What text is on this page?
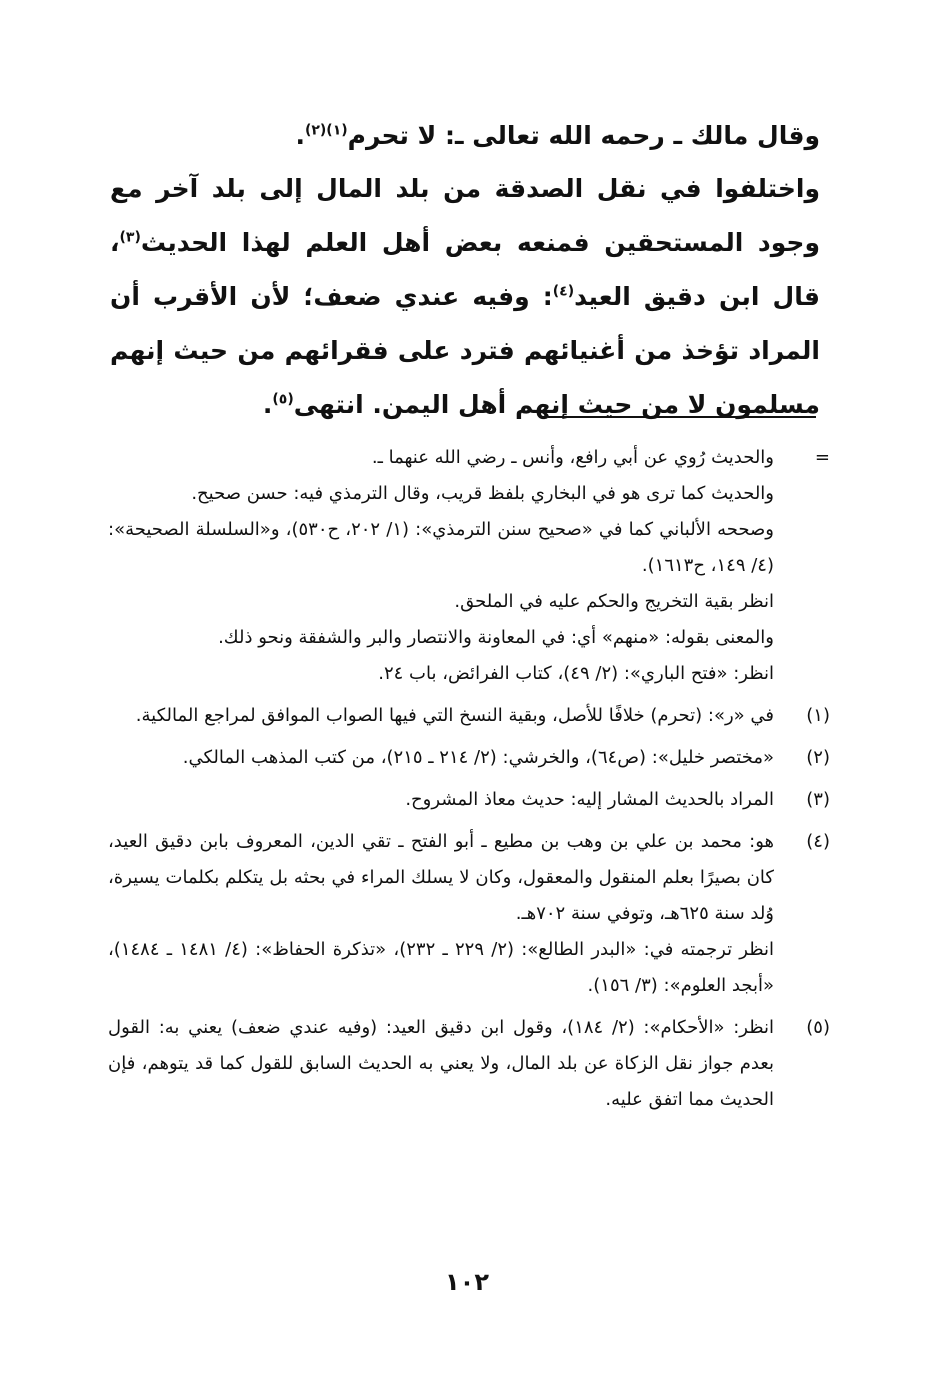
وقال مالك ـ رحمه الله تعالى ـ: لا تحرم$^{(١)(٢)}$.

واختلفوا في نقل الصدقة من بلد المال إلى بلد آخر مع وجود المستحقين فمنعه بعض أهل العلم لهذا الحديث$^{(٣)}$، قال ابن دقيق العيد$^{(٤)}$: وفيه عندي ضعف؛ لأن الأقرب أن المراد تؤخذ من أغنيائهم فترد على فقرائهم من حيث إنهم مسلمون لا من حيث إنهم أهل اليمن. انتهى$^{(٥)}$.

=

والحديث رُوي عن أبي رافع، وأنس ـ رضي الله عنهما ـ.

والحديث كما ترى هو في البخاري بلفظ قريب، وقال الترمذي فيه: حسن صحيح.

وصححه الألباني كما في «صحيح سنن الترمذي»: (١/ ٢٠٢، ح٥٣٠)، و«السلسلة الصحيحة»: (٤/ ١٤٩، ح١٦١٣).

انظر بقية التخريج والحكم عليه في الملحق.

والمعنى بقوله: «منهم» أي: في المعاونة والانتصار والبر والشفقة ونحو ذلك.

انظر: «فتح الباري»: (٢/ ٤٩)، كتاب الفرائض، باب ٢٤.

(١)

في «ر»: (تحرم) خلافًا للأصل، وبقية النسخ التي فيها الصواب الموافق لمراجع المالكية.

(٢)

«مختصر خليل»: (ص٦٤)، والخرشي: (٢/ ٢١٤ ـ ٢١٥)، من كتب المذهب المالكي.

(٣)

المراد بالحديث المشار إليه: حديث معاذ المشروح.

(٤)

هو: محمد بن علي بن وهب بن مطيع ـ أبو الفتح ـ تقي الدين، المعروف بابن دقيق العيد، كان بصيرًا بعلم المنقول والمعقول، وكان لا يسلك المراء في بحثه بل يتكلم بكلمات يسيرة، وُلد سنة ٦٢٥هـ، وتوفي سنة ٧٠٢هـ.

انظر ترجمته في: «البدر الطالع»: (٢/ ٢٢٩ ـ ٢٣٢)، «تذكرة الحفاظ»: (٤/ ١٤٨١ ـ ١٤٨٤)، «أبجد العلوم»: (٣/ ١٥٦).

(٥)

انظر: «الأحكام»: (٢/ ١٨٤)، وقول ابن دقيق العيد: (وفيه عندي ضعف) يعني به: القول بعدم جواز نقل الزكاة عن بلد المال، ولا يعني به الحديث السابق للقول كما قد يتوهم، فإن الحديث مما اتفق عليه.

١٠٢
